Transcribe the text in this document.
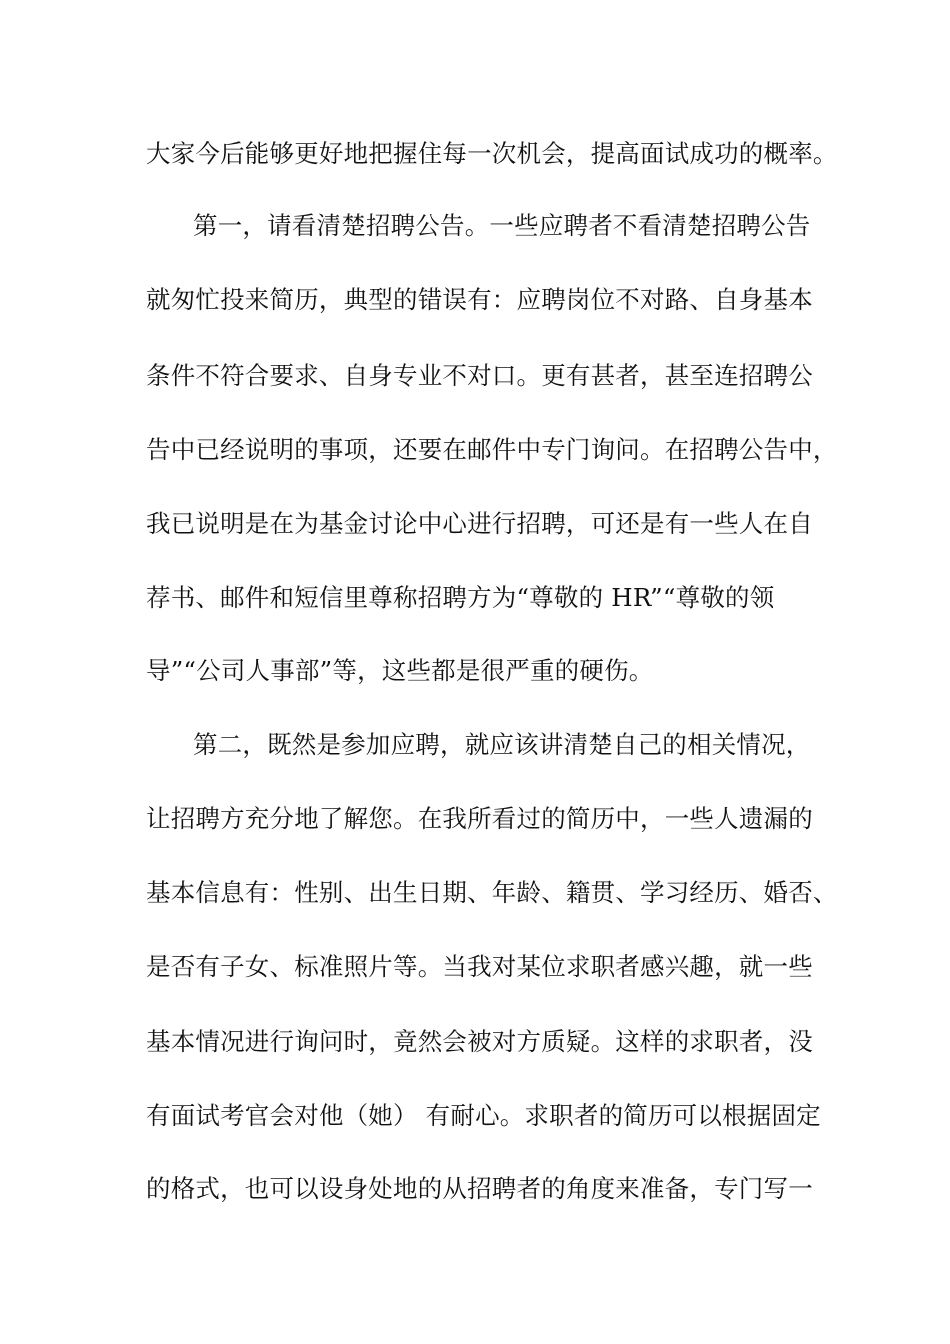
大家今后能够更好地把握住每一次机会，提高面试成功的概率。
第一，请看清楚招聘公告。一些应聘者不看清楚招聘公告
就匆忙投来简历，典型的错误有：应聘岗位不对路、自身基本
条件不符合要求、自身专业不对口。更有甚者，甚至连招聘公
告中已经说明的事项，还要在邮件中专门询问。在招聘公告中，
我已说明是在为基金讨论中心进行招聘，可还是有一些人在自
荐书、邮件和短信里尊称招聘方为“尊敬的 HR”“尊敬的领
导”“公司人事部”等，这些都是很严重的硬伤。
第二，既然是参加应聘，就应该讲清楚自己的相关情况，
让招聘方充分地了解您。在我所看过的简历中，一些人遗漏的
基本信息有：性别、出生日期、年龄、籍贯、学习经历、婚否、
是否有子女、标准照片等。当我对某位求职者感兴趣，就一些
基本情况进行询问时，竟然会被对方质疑。这样的求职者，没
有面试考官会对他（她） 有耐心。求职者的简历可以根据固定
的格式，也可以设身处地的从招聘者的角度来准备，专门写一
